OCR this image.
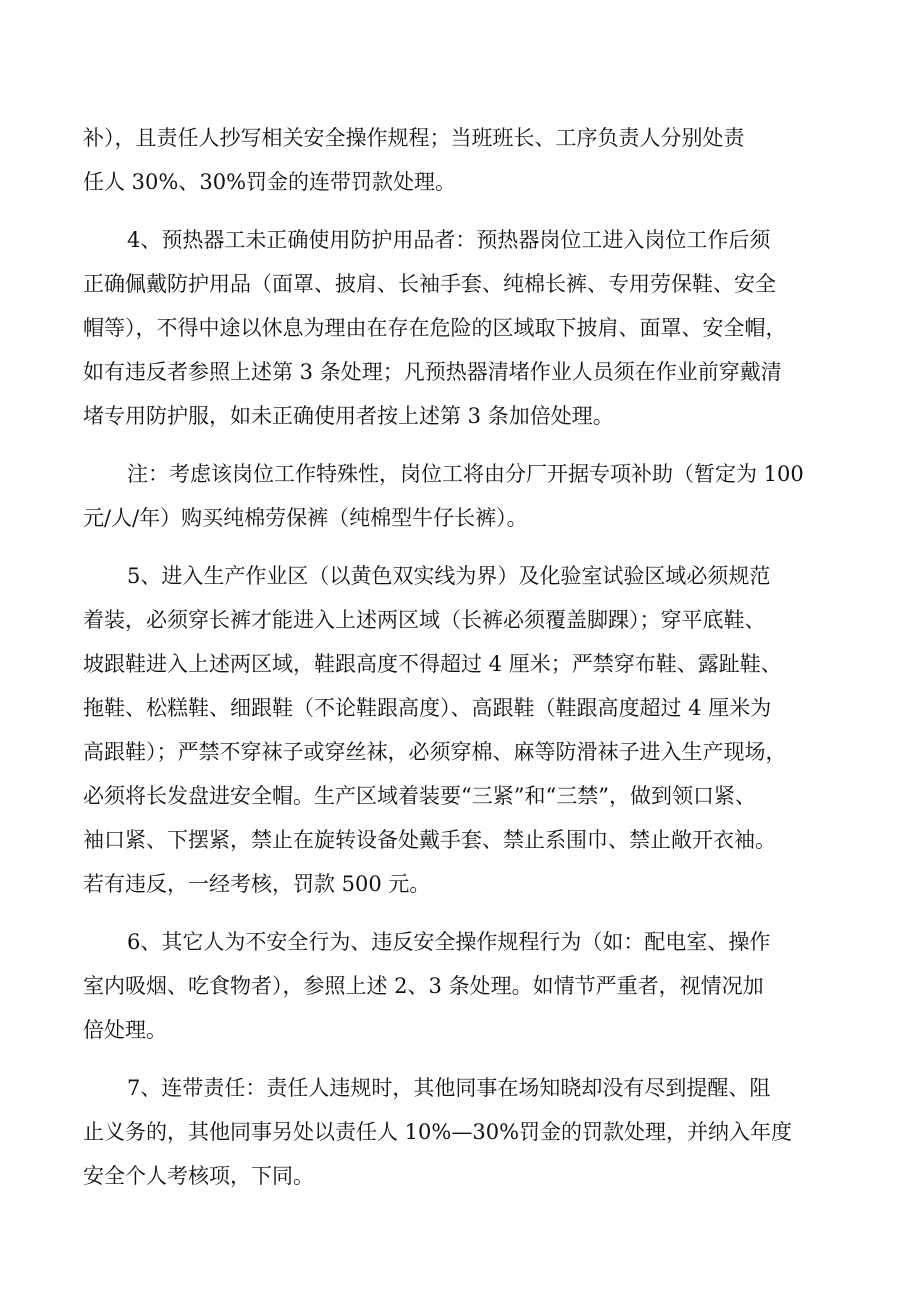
补），且责任人抄写相关安全操作规程；当班班长、工序负责人分别处责
任人 30%、30%罚金的连带罚款处理。
4、预热器工未正确使用防护用品者：预热器岗位工进入岗位工作后须
正确佩戴防护用品（面罩、披肩、长袖手套、纯棉长裤、专用劳保鞋、安全
帽等），不得中途以休息为理由在存在危险的区域取下披肩、面罩、安全帽，
如有违反者参照上述第 3 条处理；凡预热器清堵作业人员须在作业前穿戴清
堵专用防护服，如未正确使用者按上述第 3 条加倍处理。
注：考虑该岗位工作特殊性，岗位工将由分厂开据专项补助（暂定为 100
元/人/年）购买纯棉劳保裤（纯棉型牛仔长裤）。
5、进入生产作业区（以黄色双实线为界）及化验室试验区域必须规范
着装，必须穿长裤才能进入上述两区域（长裤必须覆盖脚踝）；穿平底鞋、
坡跟鞋进入上述两区域，鞋跟高度不得超过 4 厘米；严禁穿布鞋、露趾鞋、
拖鞋、松糕鞋、细跟鞋（不论鞋跟高度）、高跟鞋（鞋跟高度超过 4 厘米为
高跟鞋）；严禁不穿袜子或穿丝袜，必须穿棉、麻等防滑袜子进入生产现场，
必须将长发盘进安全帽。生产区域着装要“三紧”和“三禁”，做到领口紧、
袖口紧、下摆紧，禁止在旋转设备处戴手套、禁止系围巾、禁止敞开衣袖。
若有违反，一经考核，罚款 500 元。
6、其它人为不安全行为、违反安全操作规程行为（如：配电室、操作
室内吸烟、吃食物者），参照上述 2、3 条处理。如情节严重者，视情况加
倍处理。
7、连带责任：责任人违规时，其他同事在场知晓却没有尽到提醒、阻
止义务的，其他同事另处以责任人 10%—30%罚金的罚款处理，并纳入年度
安全个人考核项，下同。
